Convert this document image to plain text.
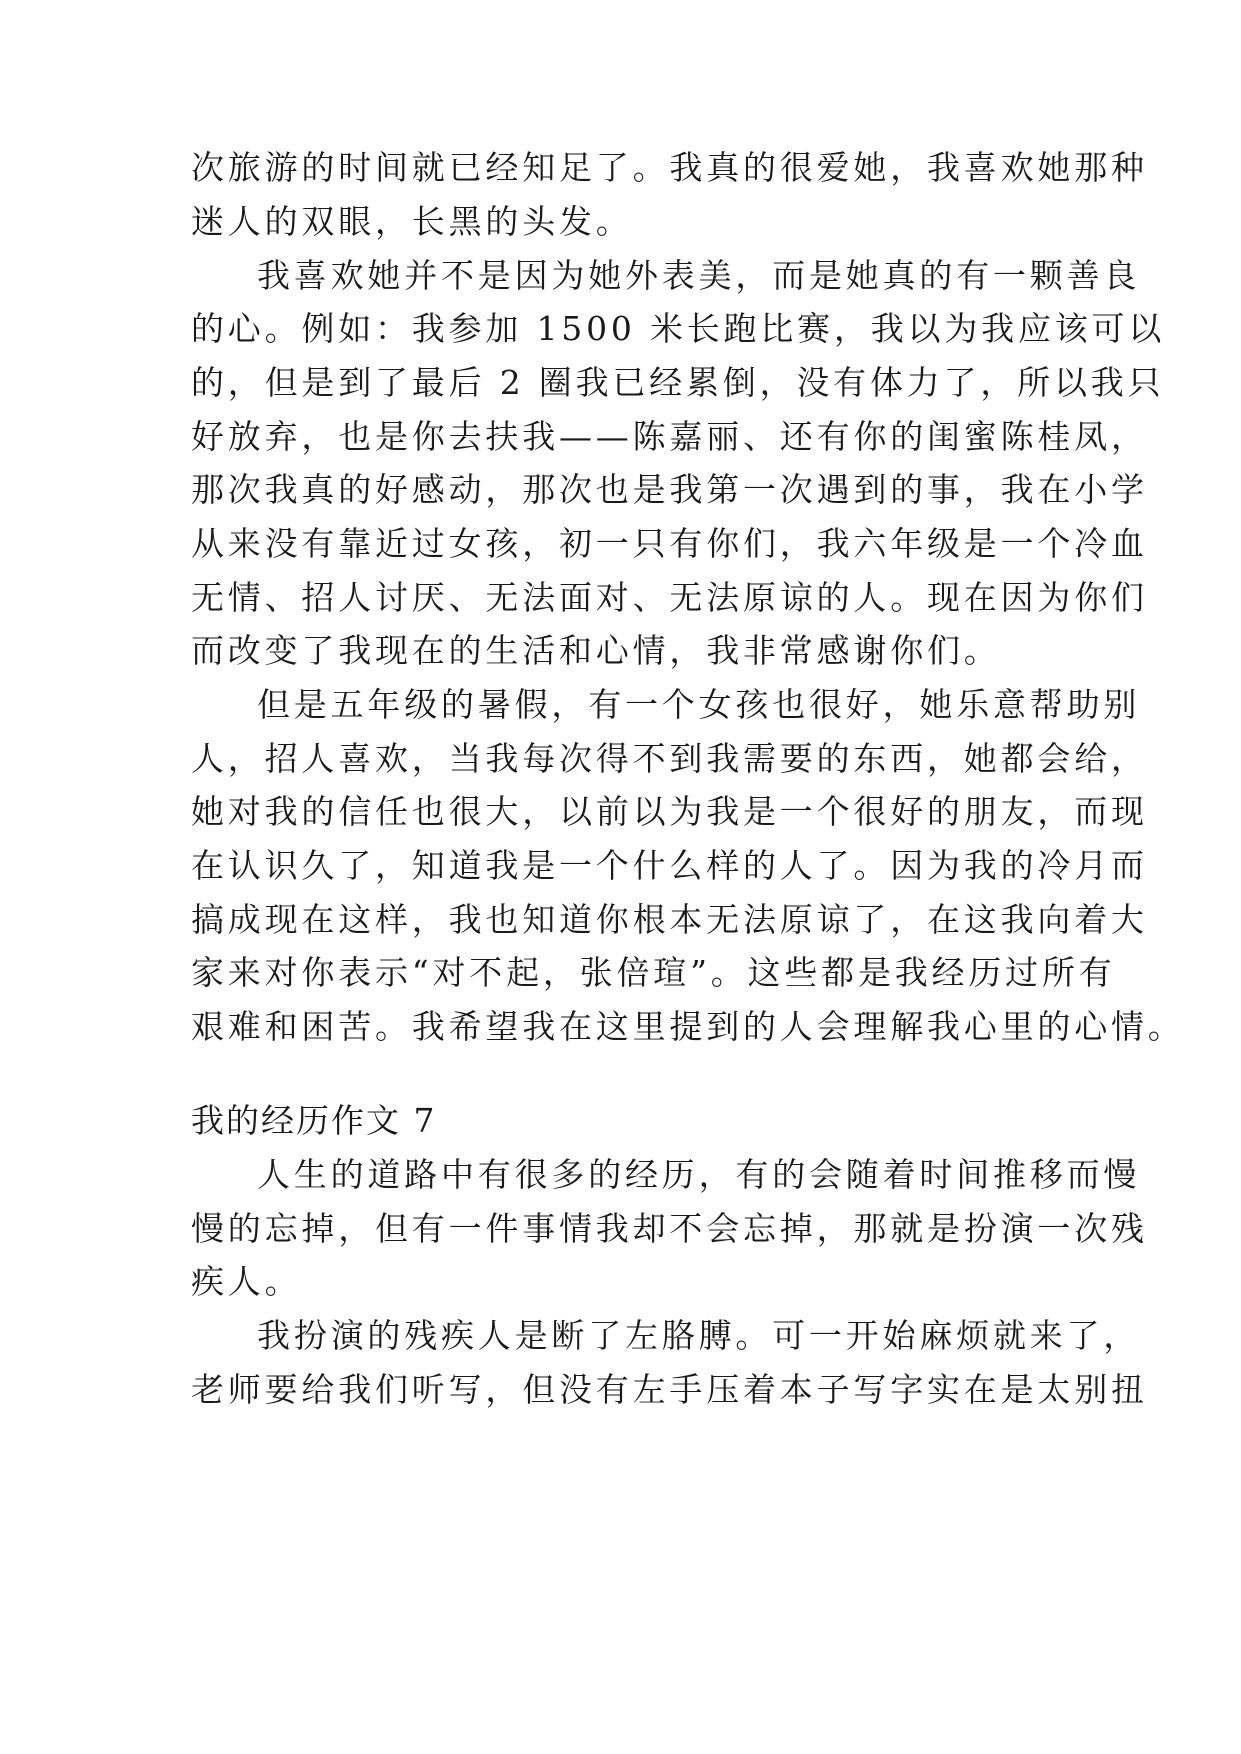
次旅游的时间就已经知足了。我真的很爱她，我喜欢她那种

迷人的双眼，长黑的头发。

我喜欢她并不是因为她外表美，而是她真的有一颗善良

的心。例如：我参加 1500 米长跑比赛，我以为我应该可以

的，但是到了最后 2 圈我已经累倒，没有体力了，所以我只

好放弃，也是你去扶我——陈嘉丽、还有你的闺蜜陈桂凤，

那次我真的好感动，那次也是我第一次遇到的事，我在小学

从来没有靠近过女孩，初一只有你们，我六年级是一个冷血

无情、招人讨厌、无法面对、无法原谅的人。现在因为你们

而改变了我现在的生活和心情，我非常感谢你们。

但是五年级的暑假，有一个女孩也很好，她乐意帮助别

人，招人喜欢，当我每次得不到我需要的东西，她都会给，

她对我的信任也很大，以前以为我是一个很好的朋友，而现

在认识久了，知道我是一个什么样的人了。因为我的冷月而

搞成现在这样，我也知道你根本无法原谅了，在这我向着大

家来对你表示“对不起，张倍瑄”。这些都是我经历过所有

艰难和困苦。我希望我在这里提到的人会理解我心里的心情。

我的经历作文 7

人生的道路中有很多的经历，有的会随着时间推移而慢

慢的忘掉，但有一件事情我却不会忘掉，那就是扮演一次残

疾人。

我扮演的残疾人是断了左胳膊。可一开始麻烦就来了，

老师要给我们听写，但没有左手压着本子写字实在是太别扭
